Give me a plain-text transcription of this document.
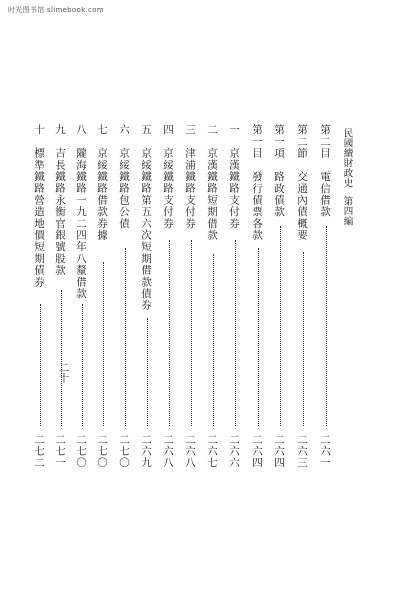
时光图书馆 slimebook.com
民國續財政史第四編
二十
第二目　電信借款
二六一
第二節　交通內債概要
二六三
第一項　路政債款
二六四
第一目　發行債票各款
二六四
一　京漢鐵路支付券
二六六
二　京漢鐵路短期借款
二六七
三　津浦鐵路支付券
二六八
四　京綏鐵路支付券
二六八
五　京綏鐵路第五六次短期借款債券
二六九
六　京綏鐵路包公債
二七〇
七　京綏鐵路借款券據
二七〇
八　隴海鐵路一九二四年八釐借款
二七〇
九　吉長鐵路永衡官銀號股款
二七一
十　標準鐵路營造地價短期債券
二七二
